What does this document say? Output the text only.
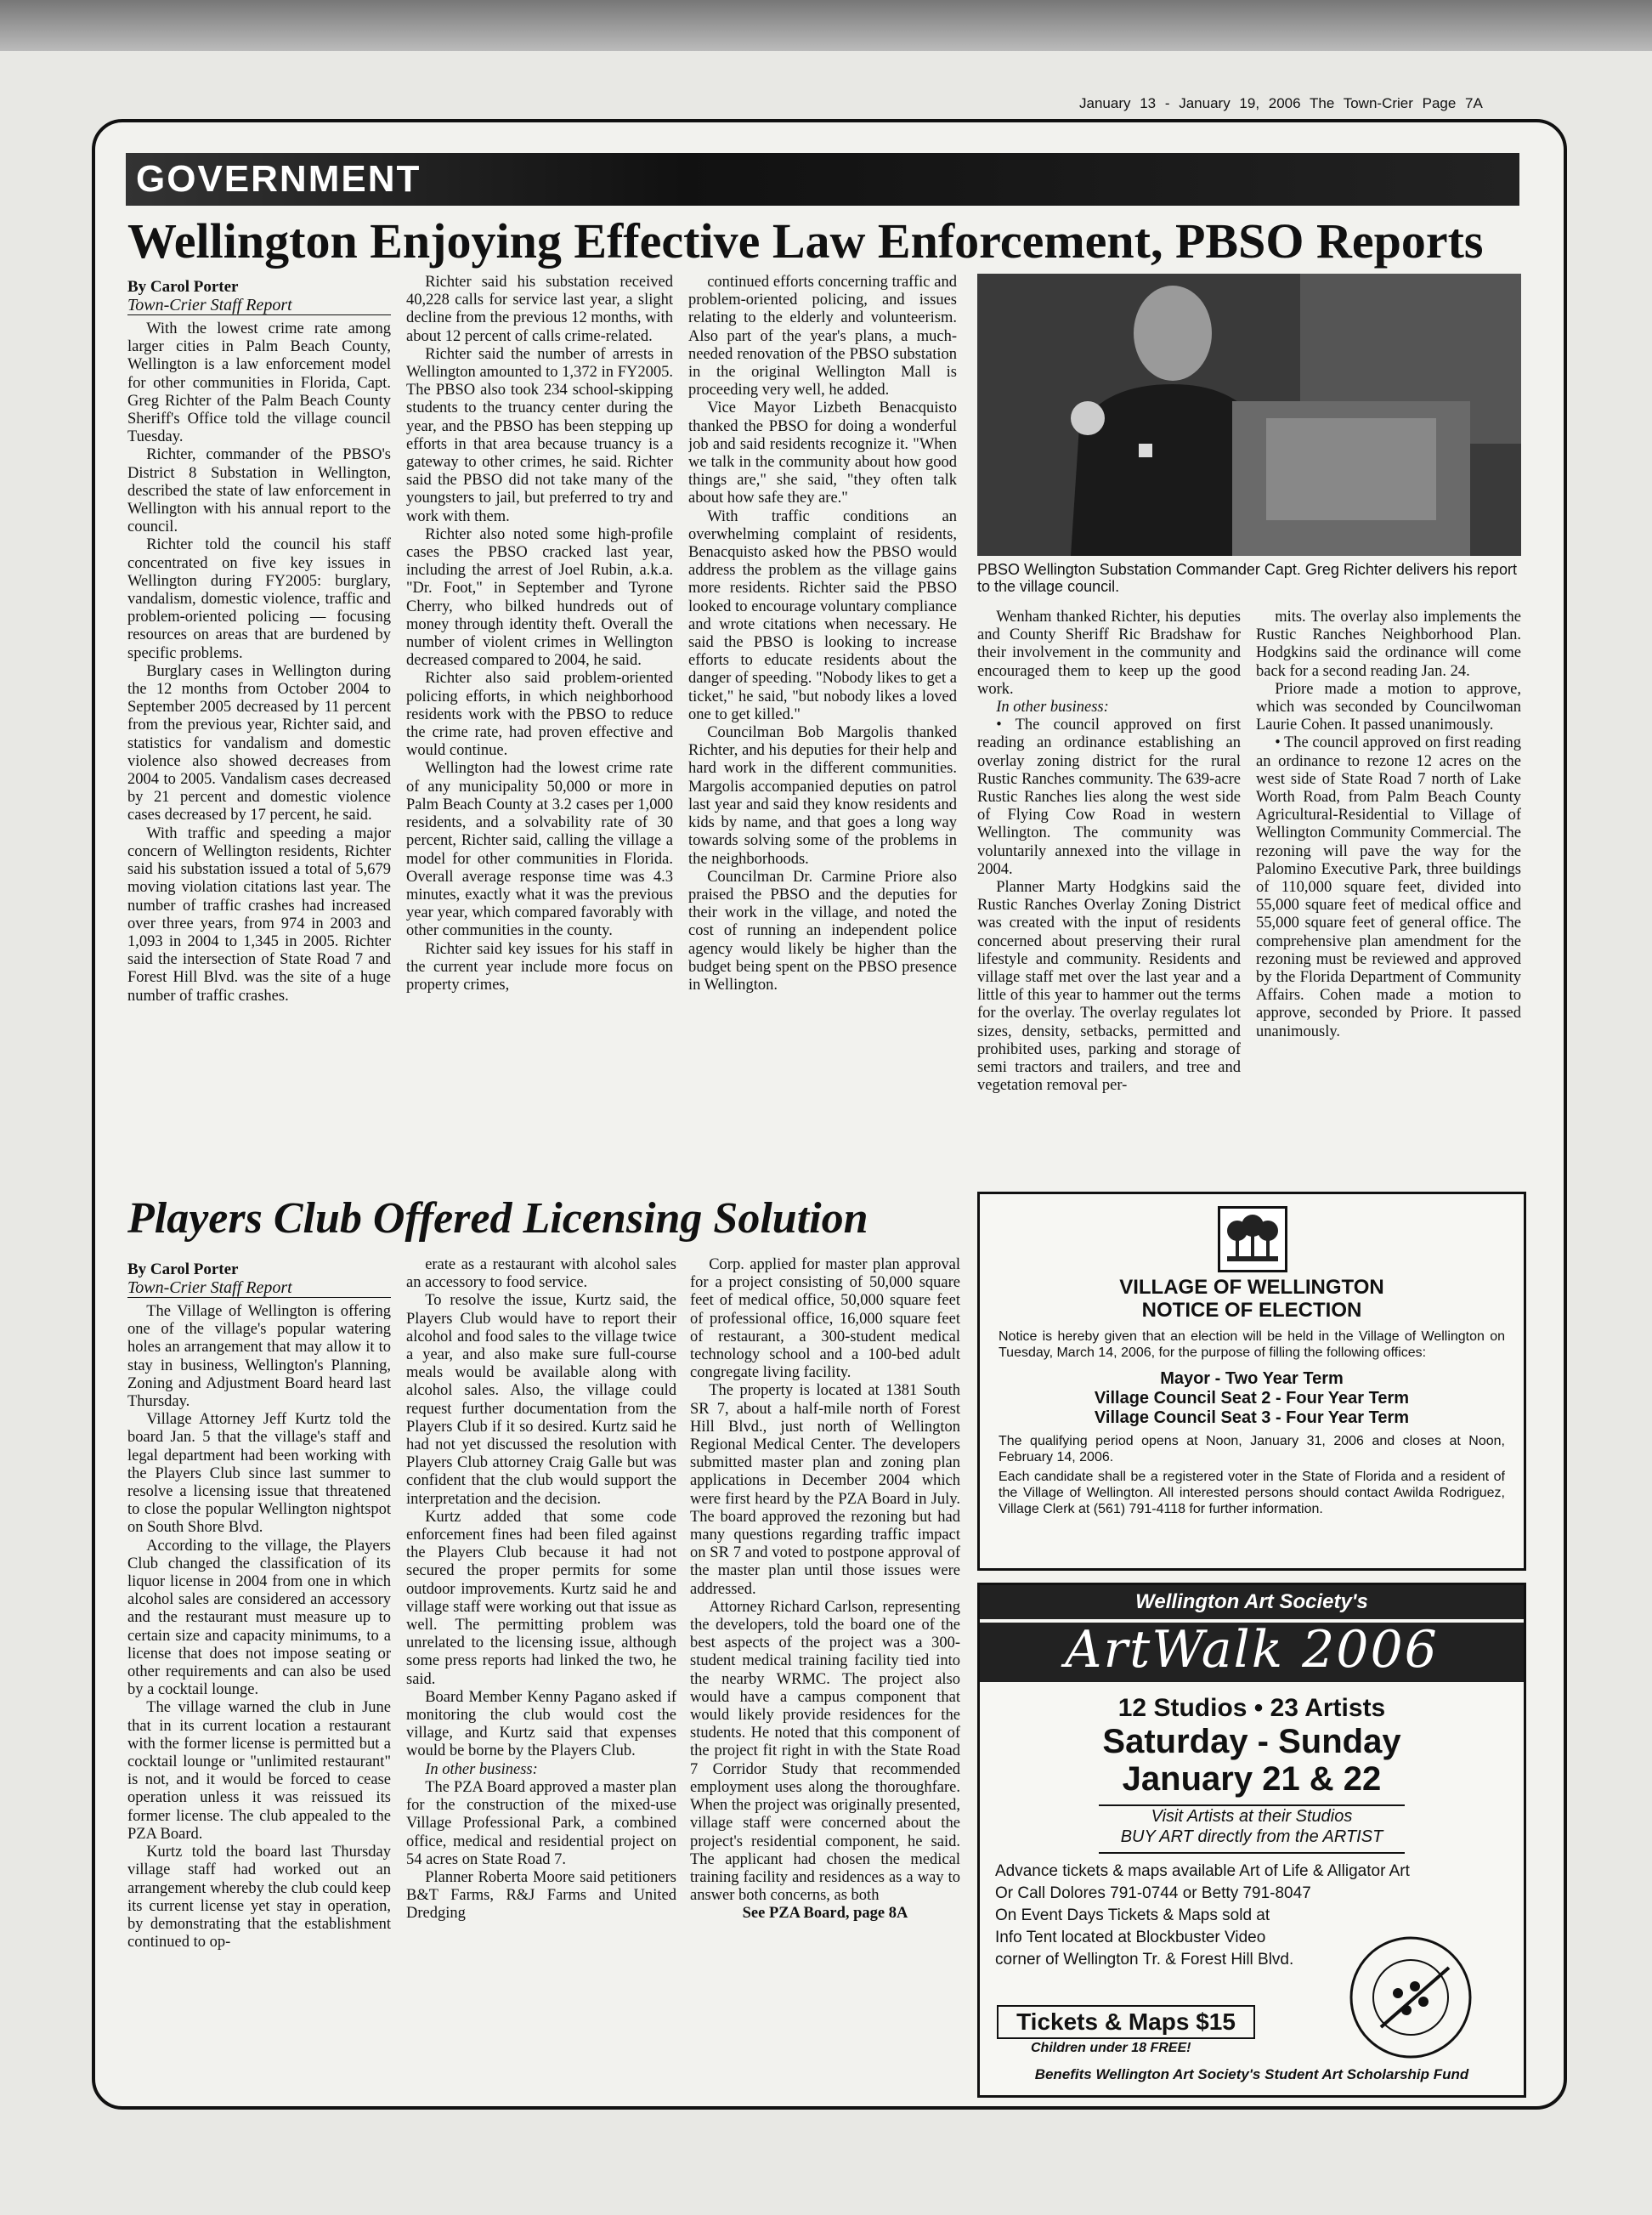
January 13 - January 19, 2006 The Town-Crier Page 7A
GOVERNMENT
Wellington Enjoying Effective Law Enforcement, PBSO Reports
By Carol Porter
Town-Crier Staff Report

With the lowest crime rate among larger cities in Palm Beach County, Wellington is a law enforcement model for other communities in Florida, Capt. Greg Richter of the Palm Beach County Sheriff's Office told the village council Tuesday.

Richter, commander of the PBSO's District 8 Substation in Wellington, described the state of law enforcement in Wellington with his annual report to the council.

Richter told the council his staff concentrated on five key issues in Wellington during FY2005: burglary, vandalism, domestic violence, traffic and problem-oriented policing — focusing resources on areas that are burdened by specific problems.

Burglary cases in Wellington during the 12 months from October 2004 to September 2005 decreased by 11 percent from the previous year, Richter said, and statistics for vandalism and domestic violence also showed decreases from 2004 to 2005. Vandalism cases decreased by 21 percent and domestic violence cases decreased by 17 percent, he said.

With traffic and speeding a major concern of Wellington residents, Richter said his substation issued a total of 5,679 moving violation citations last year. The number of traffic crashes had increased over three years, from 974 in 2003 and 1,093 in 2004 to 1,345 in 2005. Richter said the intersection of State Road 7 and Forest Hill Blvd. was the site of a huge number of traffic crashes.

Richter said his substation received 40,228 calls for service last year, a slight decline from the previous 12 months, with about 12 percent of calls crime-related.

Richter said the number of arrests in Wellington amounted to 1,372 in FY2005. The PBSO also took 234 school-skipping students to the truancy center during the year, and the PBSO has been stepping up efforts in that area because truancy is a gateway to other crimes, he said. Richter said the PBSO did not take many of the youngsters to jail, but preferred to try and work with them.

Richter also noted some high-profile cases the PBSO cracked last year, including the arrest of Joel Rubin, a.k.a. "Dr. Foot," in September and Tyrone Cherry, who bilked hundreds out of money through identity theft. Overall the number of violent crimes in Wellington decreased compared to 2004, he said.

Richter also said problem-oriented policing efforts, in which neighborhood residents work with the PBSO to reduce the crime rate, had proven effective and would continue.

Wellington had the lowest crime rate of any municipality 50,000 or more in Palm Beach County at 3.2 cases per 1,000 residents, and a solvability rate of 30 percent, Richter said, calling the village a model for other communities in Florida. Overall average response time was 4.3 minutes, exactly what it was the previous year year, which compared favorably with other communities in the county.

Richter said key issues for his staff in the current year include more focus on property crimes,

continued efforts concerning traffic and problem-oriented policing, and issues relating to the elderly and volunteerism. Also part of the year's plans, a much-needed renovation of the PBSO substation in the original Wellington Mall is proceeding very well, he added.

Vice Mayor Lizbeth Benacquisto thanked the PBSO for doing a wonderful job and said residents recognize it. "When we talk in the community about how good things are," she said, "they often talk about how safe they are."

With traffic conditions an overwhelming complaint of residents, Benacquisto asked how the PBSO would address the problem as the village gains more residents. Richter said the PBSO looked to encourage voluntary compliance and wrote citations when necessary. He said the PBSO is looking to increase efforts to educate residents about the danger of speeding. "Nobody likes to get a ticket," he said, "but nobody likes a loved one to get killed."

Councilman Bob Margolis thanked Richter, and his deputies for their help and hard work in the different communities. Margolis accompanied deputies on patrol last year and said they know residents and kids by name, and that goes a long way towards solving some of the problems in the neighborhoods.

Councilman Dr. Carmine Priore also praised the PBSO and the deputies for their work in the village, and noted the cost of running an independent police agency would likely be higher than the budget being spent on the PBSO presence in Wellington.

PBSO Wellington Substation Commander Capt. Greg Richter delivers his report to the village council.

Wenham thanked Richter, his deputies and County Sheriff Ric Bradshaw for their involvement in the community and encouraged them to keep up the good work.

In other business:

• The council approved on first reading an ordinance establishing an overlay zoning district for the rural Rustic Ranches community. The 639-acre Rustic Ranches lies along the west side of Flying Cow Road in western Wellington. The community was voluntarily annexed into the village in 2004.

Planner Marty Hodgkins said the Rustic Ranches Overlay Zoning District was created with the input of residents concerned about preserving their rural lifestyle and community. Residents and village staff met over the last year and a little of this year to hammer out the terms for the overlay. The overlay regulates lot sizes, density, setbacks, permitted and prohibited uses, parking and storage of semi tractors and trailers, and tree and vegetation removal per-

mits. The overlay also implements the Rustic Ranches Neighborhood Plan. Hodgkins said the ordinance will come back for a second reading Jan. 24.

Priore made a motion to approve, which was seconded by Councilwoman Laurie Cohen. It passed unanimously.

• The council approved on first reading an ordinance to rezone 12 acres on the west side of State Road 7 north of Lake Worth Road, from Palm Beach County Agricultural-Residential to Village of Wellington Community Commercial. The rezoning will pave the way for the Palomino Executive Park, three buildings of 110,000 square feet, divided into 55,000 square feet of medical office and 55,000 square feet of general office. The comprehensive plan amendment for the rezoning must be reviewed and approved by the Florida Department of Community Affairs. Cohen made a motion to approve, seconded by Priore. It passed unanimously.

Players Club Offered Licensing Solution
By Carol Porter
Town-Crier Staff Report

The Village of Wellington is offering one of the village's popular watering holes an arrangement that may allow it to stay in business, Wellington's Planning, Zoning and Adjustment Board heard last Thursday.

Village Attorney Jeff Kurtz told the board Jan. 5 that the village's staff and legal department had been working with the Players Club since last summer to resolve a licensing issue that threatened to close the popular Wellington nightspot on South Shore Blvd.

According to the village, the Players Club changed the classification of its liquor license in 2004 from one in which alcohol sales are considered an accessory and the restaurant must measure up to certain size and capacity minimums, to a license that does not impose seating or other requirements and can also be used by a cocktail lounge.

The village warned the club in June that in its current location a restaurant with the former license is permitted but a cocktail lounge or "unlimited restaurant" is not, and it would be forced to cease operation unless it was reissued its former license. The club appealed to the PZA Board.

Kurtz told the board last Thursday village staff had worked out an arrangement whereby the club could keep its current license yet stay in operation, by demonstrating that the establishment continued to op-

erate as a restaurant with alcohol sales an accessory to food service.

To resolve the issue, Kurtz said, the Players Club would have to report their alcohol and food sales to the village twice a year, and also make sure full-course meals would be available along with alcohol sales. Also, the village could request further documentation from the Players Club if it so desired. Kurtz said he had not yet discussed the resolution with Players Club attorney Craig Galle but was confident that the club would support the interpretation and the decision.

Kurtz added that some code enforcement fines had been filed against the Players Club because it had not secured the proper permits for some outdoor improvements. Kurtz said he and village staff were working out that issue as well. The permitting problem was unrelated to the licensing issue, although some press reports had linked the two, he said.

Board Member Kenny Pagano asked if monitoring the club would cost the village, and Kurtz said that expenses would be borne by the Players Club.

In other business:

The PZA Board approved a master plan for the construction of the mixed-use Village Professional Park, a combined office, medical and residential project on 54 acres on State Road 7.

Planner Roberta Moore said petitioners B&T Farms, R&J Farms and United Dredging

Corp. applied for master plan approval for a project consisting of 50,000 square feet of medical office, 50,000 square feet of professional office, 16,000 square feet of restaurant, a 300-student medical technology school and a 100-bed adult congregate living facility.

The property is located at 1381 South SR 7, about a half-mile north of Forest Hill Blvd., just north of Wellington Regional Medical Center. The developers submitted master plan and zoning plan applications in December 2004 which were first heard by the PZA Board in July. The board approved the rezoning but had many questions regarding traffic impact on SR 7 and voted to postpone approval of the master plan until those issues were addressed.

Attorney Richard Carlson, representing the developers, told the board one of the best aspects of the project was a 300-student medical training facility tied into the nearby WRMC. The project also would have a campus component that would likely provide residences for the students. He noted that this component of the project fit right in with the State Road 7 Corridor Study that recommended employment uses along the thoroughfare. When the project was originally presented, village staff were concerned about the project's residential component, he said. The applicant had chosen the medical training facility and residences as a way to answer both concerns, as both

See PZA Board, page 8A

VILLAGE OF WELLINGTON
NOTICE OF ELECTION
Notice is hereby given that an election will be held in the Village of Wellington on Tuesday, March 14, 2006, for the purpose of filling the following offices:
Mayor - Two Year Term
Village Council Seat 2 - Four Year Term
Village Council Seat 3 - Four Year Term
The qualifying period opens at Noon, January 31, 2006 and closes at Noon, February 14, 2006.
Each candidate shall be a registered voter in the State of Florida and a resident of the Village of Wellington. All interested persons should contact Awilda Rodriguez, Village Clerk at (561) 791-4118 for further information.
Wellington Art Society's
ArtWalk 2006
12 Studios • 23 Artists
Saturday - Sunday
January 21 & 22
Visit Artists at their Studios
BUY ART directly from the ARTIST
Advance tickets & maps available Art of Life & Alligator Art
Or Call Dolores 791-0744 or Betty 791-8047
On Event Days Tickets & Maps sold at
Info Tent located at Blockbuster Video
corner of Wellington Tr. & Forest Hill Blvd.
Tickets & Maps $15
Children under 18 FREE!
Benefits Wellington Art Society's Student Art Scholarship Fund
